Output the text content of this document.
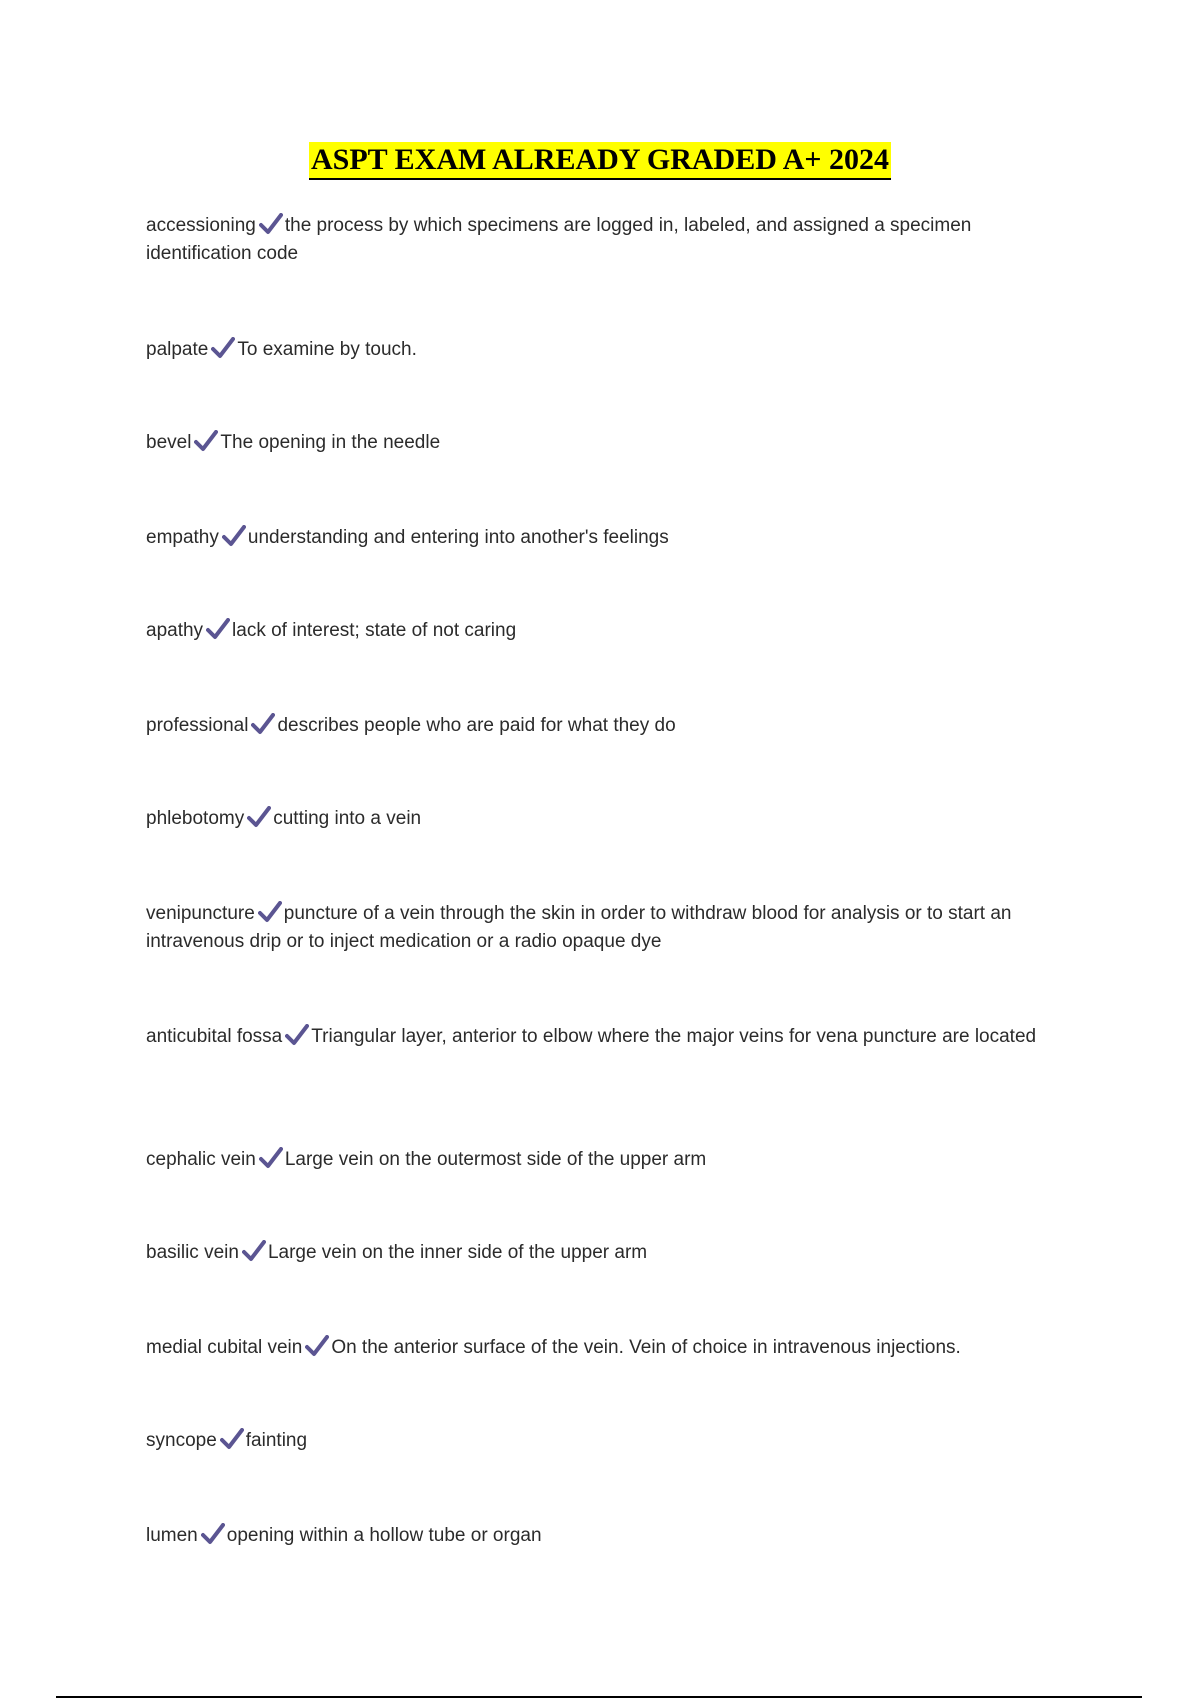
ASPT EXAM ALREADY GRADED A+ 2024
accessioning the process by which specimens are logged in, labeled, and assigned a specimen identification code
palpate To examine by touch.
bevel The opening in the needle
empathy understanding and entering into another's feelings
apathy lack of interest; state of not caring
professional describes people who are paid for what they do
phlebotomy cutting into a vein
venipuncture puncture of a vein through the skin in order to withdraw blood for analysis or to start an intravenous drip or to inject medication or a radio opaque dye
anticubital fossa Triangular layer, anterior to elbow where the major veins for vena puncture are located
cephalic vein Large vein on the outermost side of the upper arm
basilic vein Large vein on the inner side of the upper arm
medial cubital vein On the anterior surface of the vein. Vein of choice in intravenous injections.
syncope fainting
lumen opening within a hollow tube or organ
